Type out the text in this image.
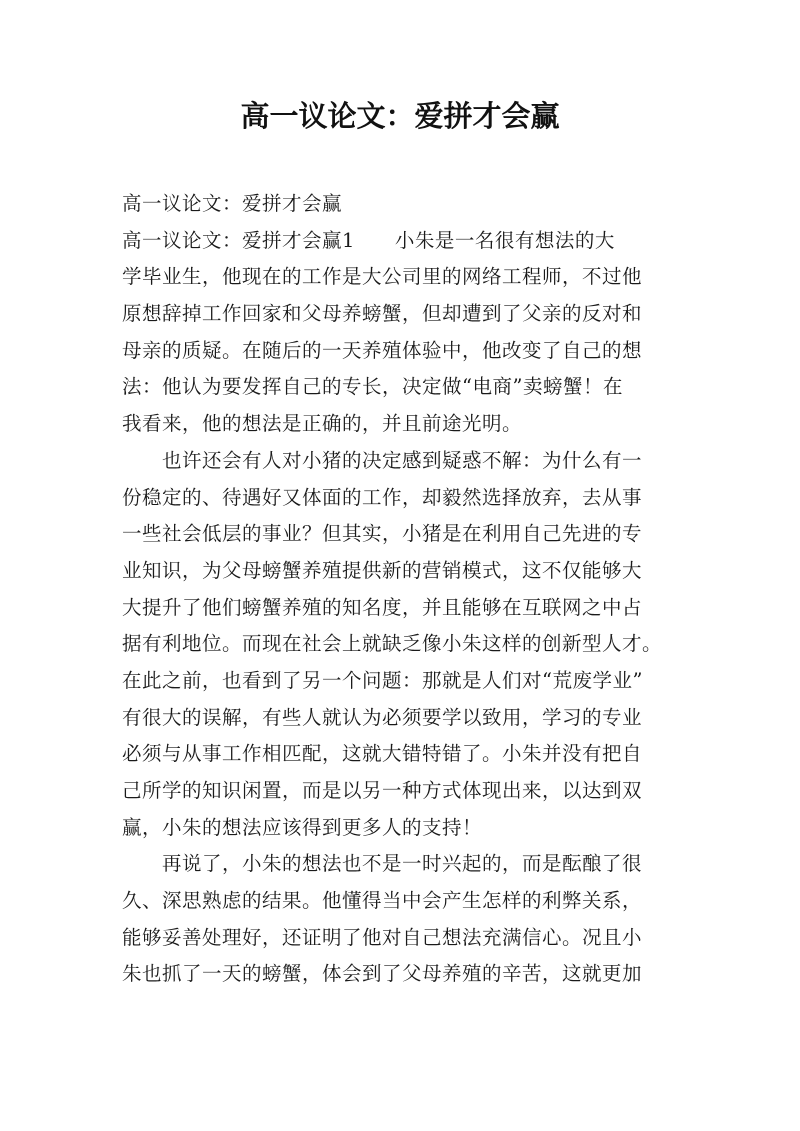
高一议论文：爱拼才会赢
高一议论文：爱拼才会赢
高一议论文：爱拼才会赢1　　小朱是一名很有想法的大
学毕业生，他现在的工作是大公司里的网络工程师，不过他
原想辞掉工作回家和父母养螃蟹，但却遭到了父亲的反对和
母亲的质疑。在随后的一天养殖体验中，他改变了自己的想
法：他认为要发挥自己的专长，决定做“电商”卖螃蟹！在
我看来，他的想法是正确的，并且前途光明。
　　也许还会有人对小猪的决定感到疑惑不解：为什么有一
份稳定的、待遇好又体面的工作，却毅然选择放弃，去从事
一些社会低层的事业？但其实，小猪是在利用自己先进的专
业知识，为父母螃蟹养殖提供新的营销模式，这不仅能够大
大提升了他们螃蟹养殖的知名度，并且能够在互联网之中占
据有利地位。而现在社会上就缺乏像小朱这样的创新型人才。
在此之前，也看到了另一个问题：那就是人们对“荒废学业”
有很大的误解，有些人就认为必须要学以致用，学习的专业
必须与从事工作相匹配，这就大错特错了。小朱并没有把自
己所学的知识闲置，而是以另一种方式体现出来，以达到双
赢，小朱的想法应该得到更多人的支持！
　　再说了，小朱的想法也不是一时兴起的，而是酝酿了很
久、深思熟虑的结果。他懂得当中会产生怎样的利弊关系，
能够妥善处理好，还证明了他对自己想法充满信心。况且小
朱也抓了一天的螃蟹，体会到了父母养殖的辛苦，这就更加
